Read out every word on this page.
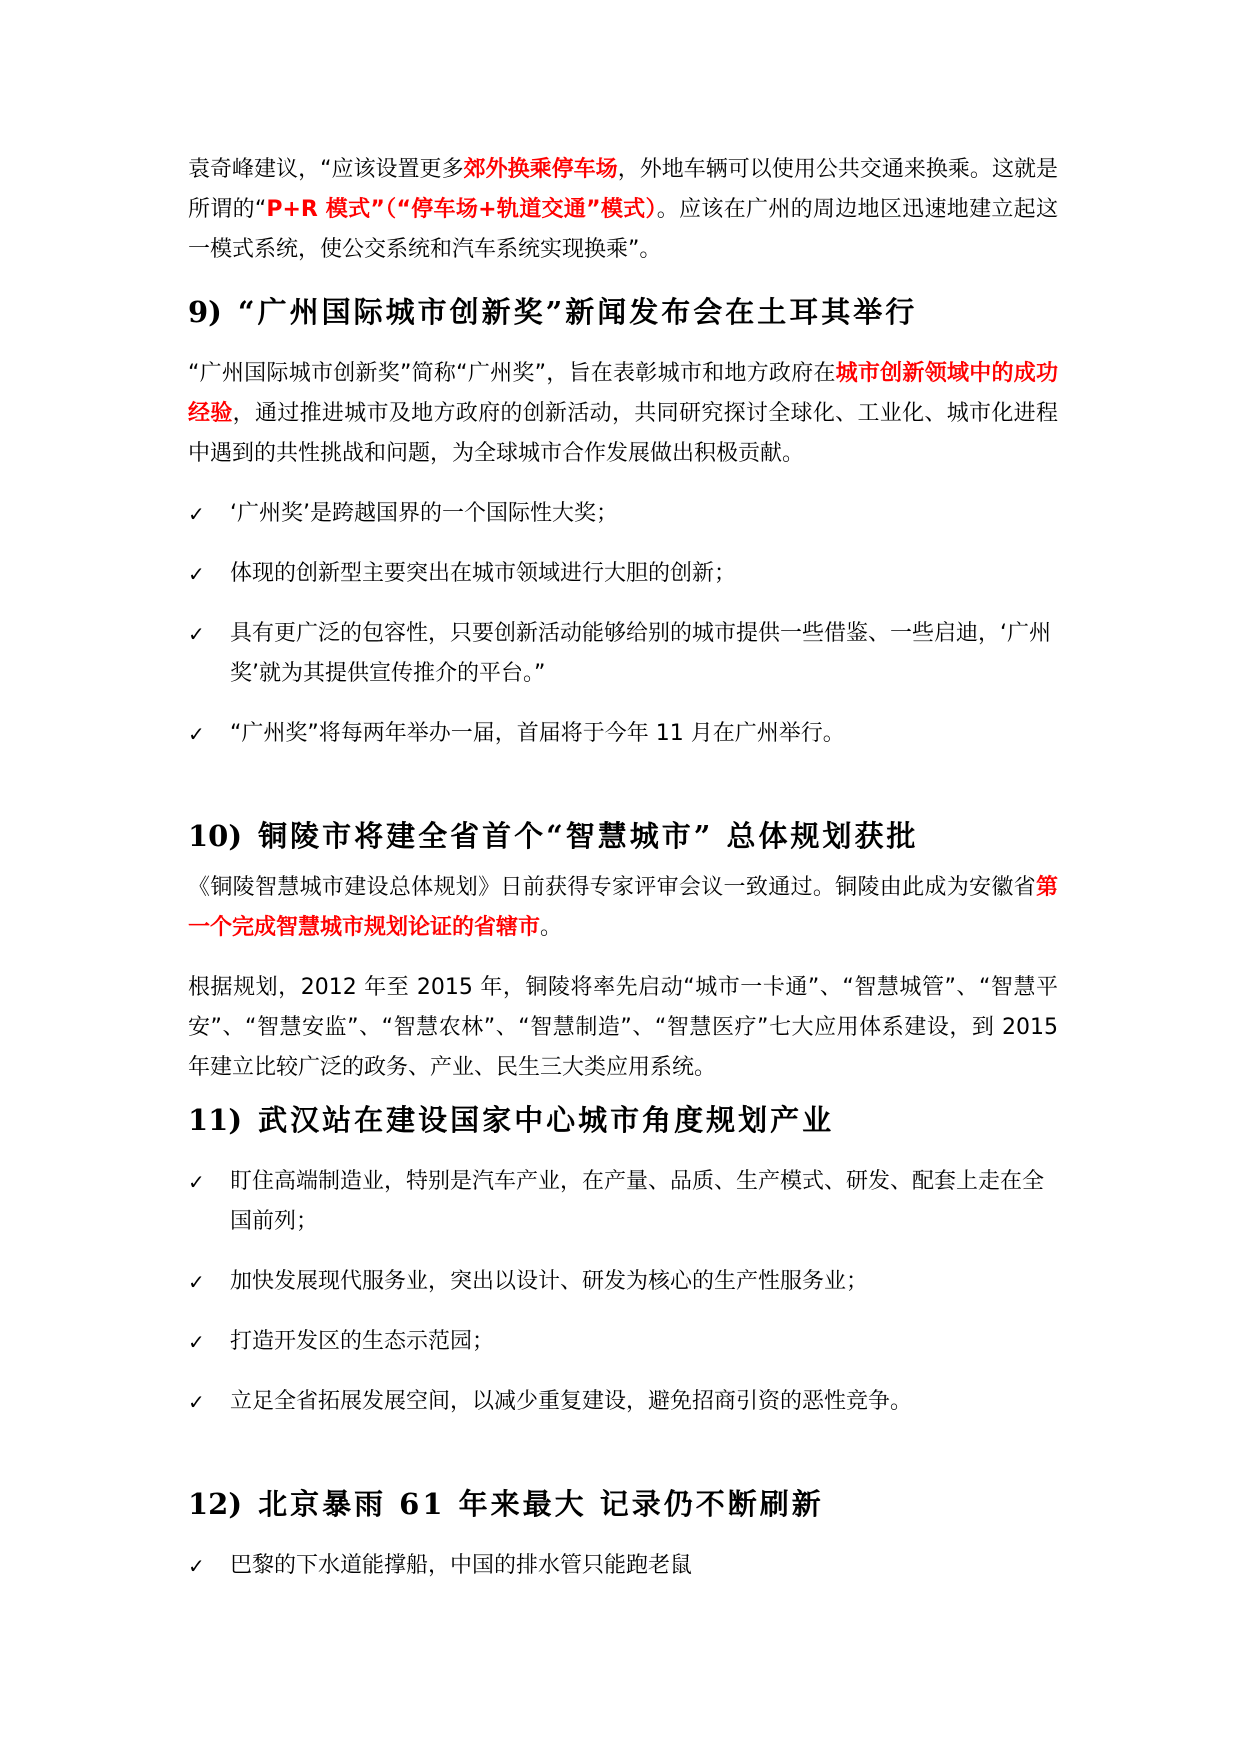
袁奇峰建议，“应该设置更多郊外换乘停车场，外地车辆可以使用公共交通来换乘。这就是所谓的“P+R 模式”（“停车场+轨道交通”模式）。应该在广州的周边地区迅速地建立起这一模式系统，使公交系统和汽车系统实现换乘”。

9) “广州国际城市创新奖”新闻发布会在土耳其举行

“广州国际城市创新奖”简称“广州奖”，旨在表彰城市和地方政府在城市创新领域中的成功经验，通过推进城市及地方政府的创新活动，共同研究探讨全球化、工业化、城市化进程中遇到的共性挑战和问题，为全球城市合作发展做出积极贡献。

✓	‘广州奖’是跨越国界的一个国际性大奖；
✓	体现的创新型主要突出在城市领域进行大胆的创新；
✓	具有更广泛的包容性，只要创新活动能够给别的城市提供一些借鉴、一些启迪，‘广州奖’就为其提供宣传推介的平台。”
✓	“广州奖”将每两年举办一届，首届将于今年 11 月在广州举行。
10) 铜陵市将建全省首个“智慧城市” 总体规划获批

《铜陵智慧城市建设总体规划》日前获得专家评审会议一致通过。铜陵由此成为安徽省第一个完成智慧城市规划论证的省辖市。

根据规划，2012 年至 2015 年，铜陵将率先启动“城市一卡通”、“智慧城管”、“智慧平安”、“智慧安监”、“智慧农林”、“智慧制造”、“智慧医疗”七大应用体系建设，到 2015 年建立比较广泛的政务、产业、民生三大类应用系统。

11) 武汉站在建设国家中心城市角度规划产业
✓	盯住高端制造业，特别是汽车产业，在产量、品质、生产模式、研发、配套上走在全国前列；
✓	加快发展现代服务业，突出以设计、研发为核心的生产性服务业；
✓	打造开发区的生态示范园；
✓	立足全省拓展发展空间，以减少重复建设，避免招商引资的恶性竞争。
12) 北京暴雨 61 年来最大 记录仍不断刷新
✓	巴黎的下水道能撑船，中国的排水管只能跑老鼠
